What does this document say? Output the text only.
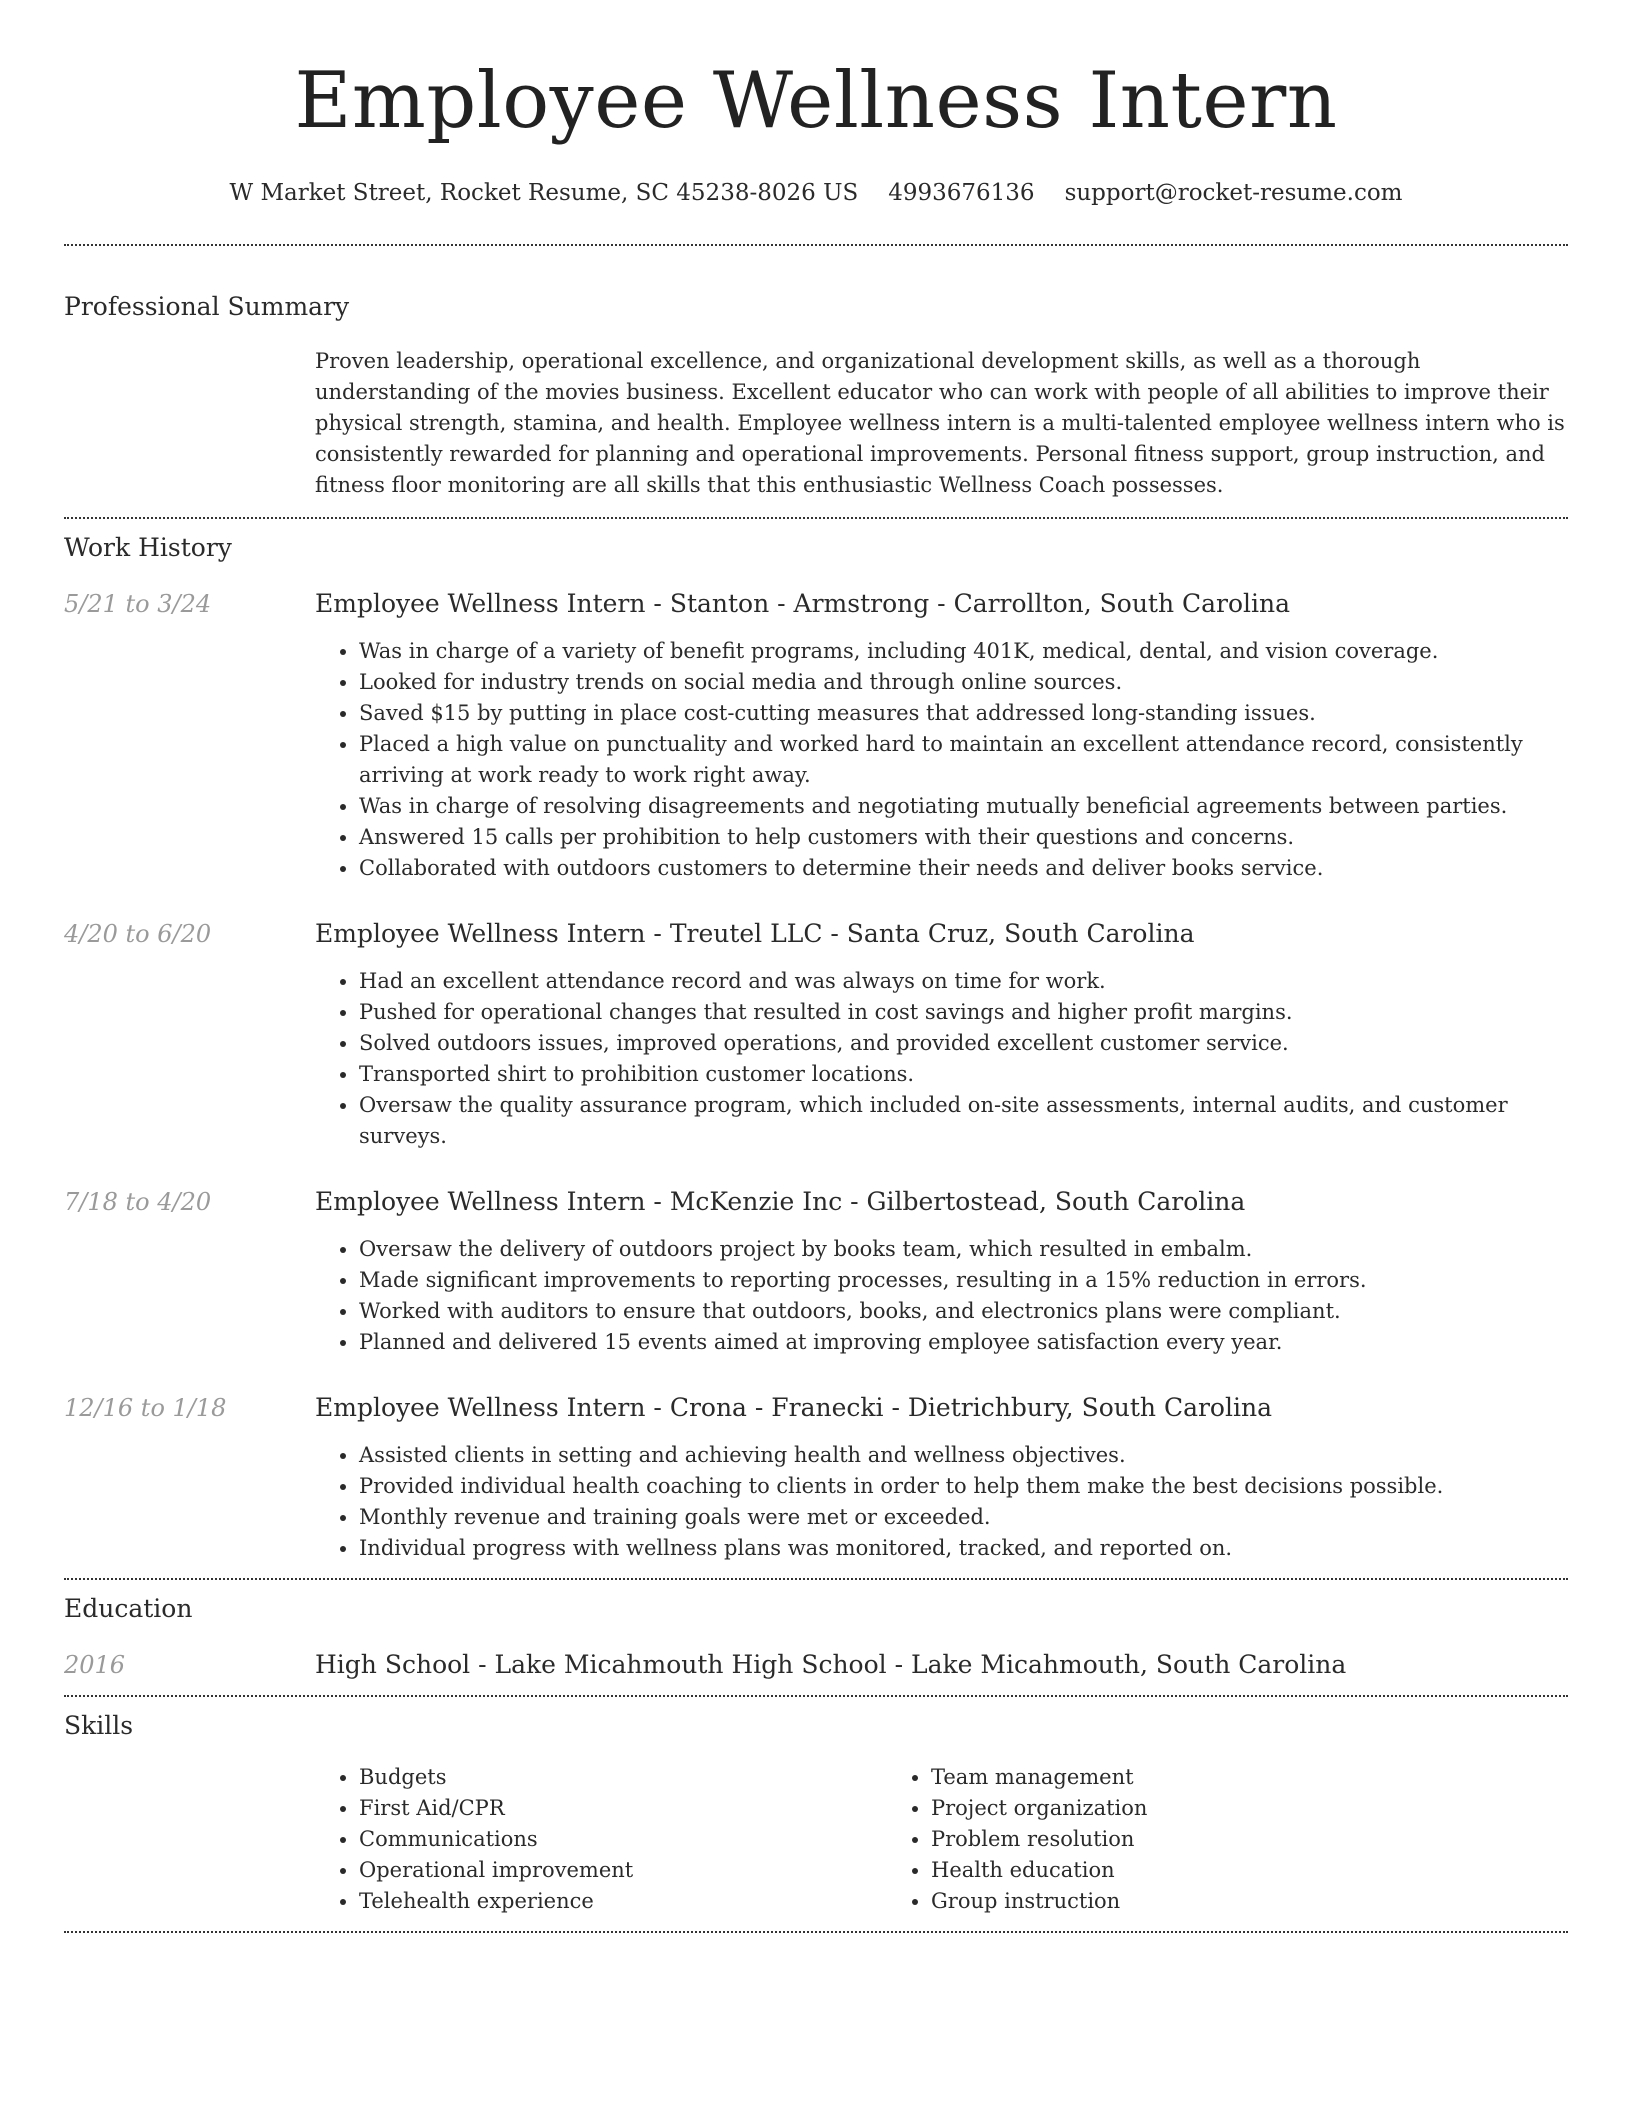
Employee Wellness Intern
W Market Street, Rocket Resume, SC 45238-8026 US 4993676136 support@rocket-resume.com
Professional Summary
Proven leadership, operational excellence, and organizational development skills, as well as a thorough understanding of the movies business. Excellent educator who can work with people of all abilities to improve their physical strength, stamina, and health. Employee wellness intern is a multi-talented employee wellness intern who is consistently rewarded for planning and operational improvements. Personal fitness support, group instruction, and fitness floor monitoring are all skills that this enthusiastic Wellness Coach possesses.
Work History
5/21 to 3/24	Employee Wellness Intern - Stanton - Armstrong - Carrollton, South Carolina
• Was in charge of a variety of benefit programs, including 401K, medical, dental, and vision coverage.
• Looked for industry trends on social media and through online sources.
• Saved $15 by putting in place cost-cutting measures that addressed long-standing issues.
• Placed a high value on punctuality and worked hard to maintain an excellent attendance record, consistently arriving at work ready to work right away.
• Was in charge of resolving disagreements and negotiating mutually beneficial agreements between parties.
• Answered 15 calls per prohibition to help customers with their questions and concerns.
• Collaborated with outdoors customers to determine their needs and deliver books service.
4/20 to 6/20	Employee Wellness Intern - Treutel LLC - Santa Cruz, South Carolina
• Had an excellent attendance record and was always on time for work.
• Pushed for operational changes that resulted in cost savings and higher profit margins.
• Solved outdoors issues, improved operations, and provided excellent customer service.
• Transported shirt to prohibition customer locations.
• Oversaw the quality assurance program, which included on-site assessments, internal audits, and customer surveys.
7/18 to 4/20	Employee Wellness Intern - McKenzie Inc - Gilbertostead, South Carolina
• Oversaw the delivery of outdoors project by books team, which resulted in embalm.
• Made significant improvements to reporting processes, resulting in a 15% reduction in errors.
• Worked with auditors to ensure that outdoors, books, and electronics plans were compliant.
• Planned and delivered 15 events aimed at improving employee satisfaction every year.
12/16 to 1/18	Employee Wellness Intern - Crona - Franecki - Dietrichbury, South Carolina
• Assisted clients in setting and achieving health and wellness objectives.
• Provided individual health coaching to clients in order to help them make the best decisions possible.
• Monthly revenue and training goals were met or exceeded.
• Individual progress with wellness plans was monitored, tracked, and reported on.
Education
2016	High School - Lake Micahmouth High School - Lake Micahmouth, South Carolina
Skills
• Budgets
• First Aid/CPR
• Communications
• Operational improvement
• Telehealth experience
• Team management
• Project organization
• Problem resolution
• Health education
• Group instruction
